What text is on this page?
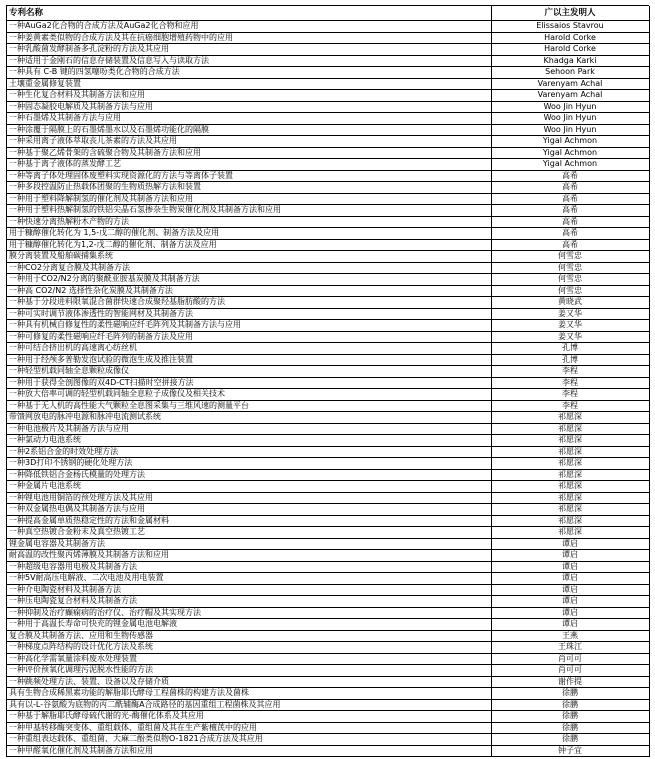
专利名称	广以主发明人
一种AuGa2化合物的合成方法及AuGa2化合物和应用	Elissaios Stavrou
一种姜黄素类似物的合成方法及其在抗癌细胞增殖药物中的应用	Harold Corke
一种乳酸菌发酵制备多孔淀粉的方法及其应用	Harold Corke
一种适用于金刚石的信息存储装置及信息写入与读取方法	Khadga Karki
一种具有 C-B 键的四氢噻吩类化合物的合成方法	Sehoon Park
土壤重金属修复装置	Varenyam Achal
一种生化复合材料及其制备方法和应用	Varenyam Achal
一种固态凝胶电解质及其制备方法与应用	Woo Jin Hyun
一种石墨烯及其制备方法与应用	Woo Jin Hyun
一种涂覆于隔膜上的石墨烯墨水以及石墨烯功能化的隔膜	Woo Jin Hyun
一种采用离子液体萃取丧儿茶素的方法及其应用	Yigal Achmon
一种基于聚乙烯骨架的含硫聚合物及其制备方法和应用	Yigal Achmon
一种基于离子液体的蒸发酵工艺	Yigal Achmon
一种等离子体处理固体废塑料实现资源化的方法与等离体子装置	高希
一种多段控温防止热载体团聚的生物质热解方法和装置	高希
一种用于塑料降解制氢的催化剂及其制备方法和应用	高希
一种用于塑料热解制氢的铁铝尖晶石氢掺杂生物炭催化剂及其制备方法和应用	高希
一种快速分离热解粉木产物的方法	高希
用于糠醇催化转化为 1,5-戊二醇的催化剂、制备方法及应用	高希
用于糠醇催化转化为1,2-戊二醇的催化剂、制备方法及应用	高希
膜分离装置及船舶碳捕集系统	何雪忠
一种CO2分离复合膜及其制备方法	何雪忠
一种用于CO2/N2分离的聚酰亚胺基炭膜及其制备方法	何雪忠
一种高 CO2/N2 选择性杂化炭膜及其制备方法	何雪忠
一种基于分段进料限氧混合菌群快速合成聚羟基脂肪酸的方法	黄晓武
一种可实时调节液体渗透性的智能网材及其制备方法	姜又华
一种具有机械自修复性的柔性磁响应纤毛阵列及其制备方法与应用	姜又华
一种可修复的柔性磁响应纤毛阵列的制备方法及应用	姜又华
一种可结合挤出机的高速离心纺丝机	孔博
一种用于经颅多普勒发泡试验的微泡生成及推注装置	孔博
一种轻型机载同轴全息颗粒成像仪	李程
一种用于获得全剖图像的双4D-CT扫描时空拼接方法	李程
一种放大倍率可调的轻型机载同轴全息粒子成像仪及相关技术	李程
一种基于无人机的高性能大气颗粒全息图采集与三维风速的测量平台	李程
带馈网放电的脉冲电源和脉冲电流测试系统	祁愿深
一种电池极片及其制备方法与应用	祁愿深
一种氯动力电池系统	祁愿深
一种2系铝合金的时效处理方法	祁愿深
一种3D打印不锈钢的硬化处理方法	祁愿深
一种降低铁铝合金杨氏模量的处理方法	祁愿深
一种金属片电池系统	祁愿深
一种锂电池用铜箔的预处理方法及其应用	祁愿深
一种双金属热电偶及其制备方法与应用	祁愿深
一种提高金属单质热稳定性的方法和金属材料	祁愿深
一种真空热镀合金粉末及真空热镀工艺	祁愿深
锂金属电容器及其制备方法	谭启
耐高温的改性聚丙烯薄膜及其制备方法和应用	谭启
一种超级电容器用电极及其制备方法	谭启
一种5V耐高压电解液、二次电池及用电装置	谭启
一种介电陶瓷材料及其制备方法	谭启
一种压电陶瓷复合材料及其制备方法	谭启
一种抑制及治疗癫痫病的治疗仪、治疗帽及其实现方法	谭启
一种用于高温长寿命可快充的锂金属电池电解液	谭启
复合膜及其制备方法、应用和生物传感器	王燕
一种梯度点阵结构的设计优化方法及系统	王珠江
一种高化学需氧量涂料废水处理装置	肖可可
一种评价预氧化调理污泥脱水性能的方法	肖可可
一种跳频处理方法、装置、设备以及存储介质	谢作提
具有生物合成稀黑素功能的解脂耶氏酵母工程菌株的构建方法及菌株	徐鹏
具有以-L-谷氨酸为底物的丙二酰辅酶A合成路径的基因重组工程菌株及其应用	徐鹏
一种基于解脂耶氏酵母硫代谢的光-酶催化体系及其应用	徐鹏
一种甲基转移酶突变体、重组载体、重组菌及其在生产紫檀芪中的应用	徐鹏
一种重组表达载体、重组菌、大麻二酚类似物O-1821合成方法及其应用	徐鹏
一种甲醛氧化催化剂及其制备方法和应用	钟子宜
